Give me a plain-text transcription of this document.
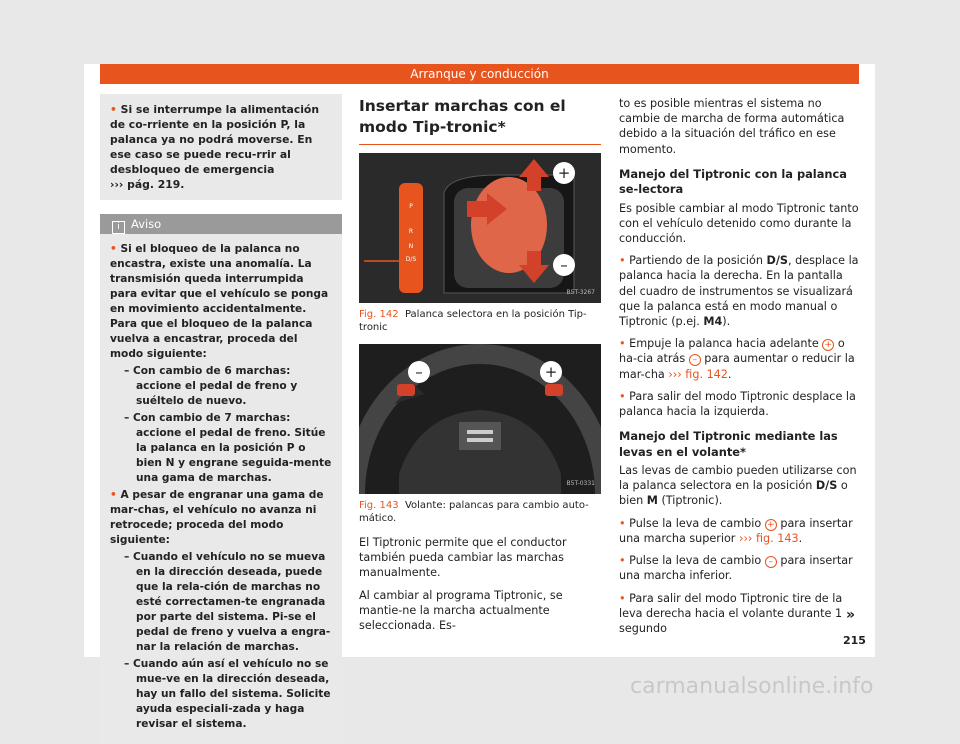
Arranque y conducción

• Si se interrumpe la alimentación de co-rriente en la posición P, la palanca ya no podrá moverse. En ese caso se puede recu-rrir al desbloqueo de emergencia
››› pág. 219.

i Aviso

• Si el bloqueo de la palanca no encastra, existe una anomalía. La transmisión queda interrumpida para evitar que el vehículo se ponga en movimiento accidentalmente. Para que el bloqueo de la palanca vuelva a encastrar, proceda del modo siguiente:

– Con cambio de 6 marchas: accione el pedal de freno y suéltelo de nuevo.

– Con cambio de 7 marchas: accione el pedal de freno. Sitúe la palanca en la posición P o bien N y engrane seguida-mente una gama de marchas.

• A pesar de engranar una gama de mar-chas, el vehículo no avanza ni retrocede; proceda del modo siguiente:

– Cuando el vehículo no se mueva en la dirección deseada, puede que la rela-ción de marchas no esté correctamen-te engranada por parte del sistema. Pi-se el pedal de freno y vuelva a engra-nar la relación de marchas.

– Cuando aún así el vehículo no se mue-ve en la dirección deseada, hay un fallo del sistema. Solicite ayuda especiali-zada y haga revisar el sistema.

Insertar marchas con el modo Tip-tronic*

P
R
N
D/S
+
–
B5T-3267

Fig. 142 Palanca selectora en la posición Tip-tronic

–	+
B5T-0331

Fig. 143 Volante: palancas para cambio auto-mático.

El Tiptronic permite que el conductor también pueda cambiar las marchas manualmente.

Al cambiar al programa Tiptronic, se mantie-ne la marcha actualmente seleccionada. Es-

to es posible mientras el sistema no cambie de marcha de forma automática debido a la situación del tráfico en ese momento.

Manejo del Tiptronic con la palanca se-lectora

Es posible cambiar al modo Tiptronic tanto con el vehículo detenido como durante la conducción.

• Partiendo de la posición D/S, desplace la palanca hacia la derecha. En la pantalla del cuadro de instrumentos se visualizará que la palanca está en modo manual o Tiptronic (p.ej. M4).

• Empuje la palanca hacia adelante + o ha-cia atrás – para aumentar o reducir la mar-cha ››› fig. 142.

• Para salir del modo Tiptronic desplace la palanca hacia la izquierda.

Manejo del Tiptronic mediante las levas en el volante*

Las levas de cambio pueden utilizarse con la palanca selectora en la posición D/S o bien M (Tiptronic).

• Pulse la leva de cambio + para insertar una marcha superior ››› fig. 143.

• Pulse la leva de cambio – para insertar una marcha inferior.

• Para salir del modo Tiptronic tire de la leva derecha hacia el volante durante 1 segundo

»
215
carmanualsonline.info
